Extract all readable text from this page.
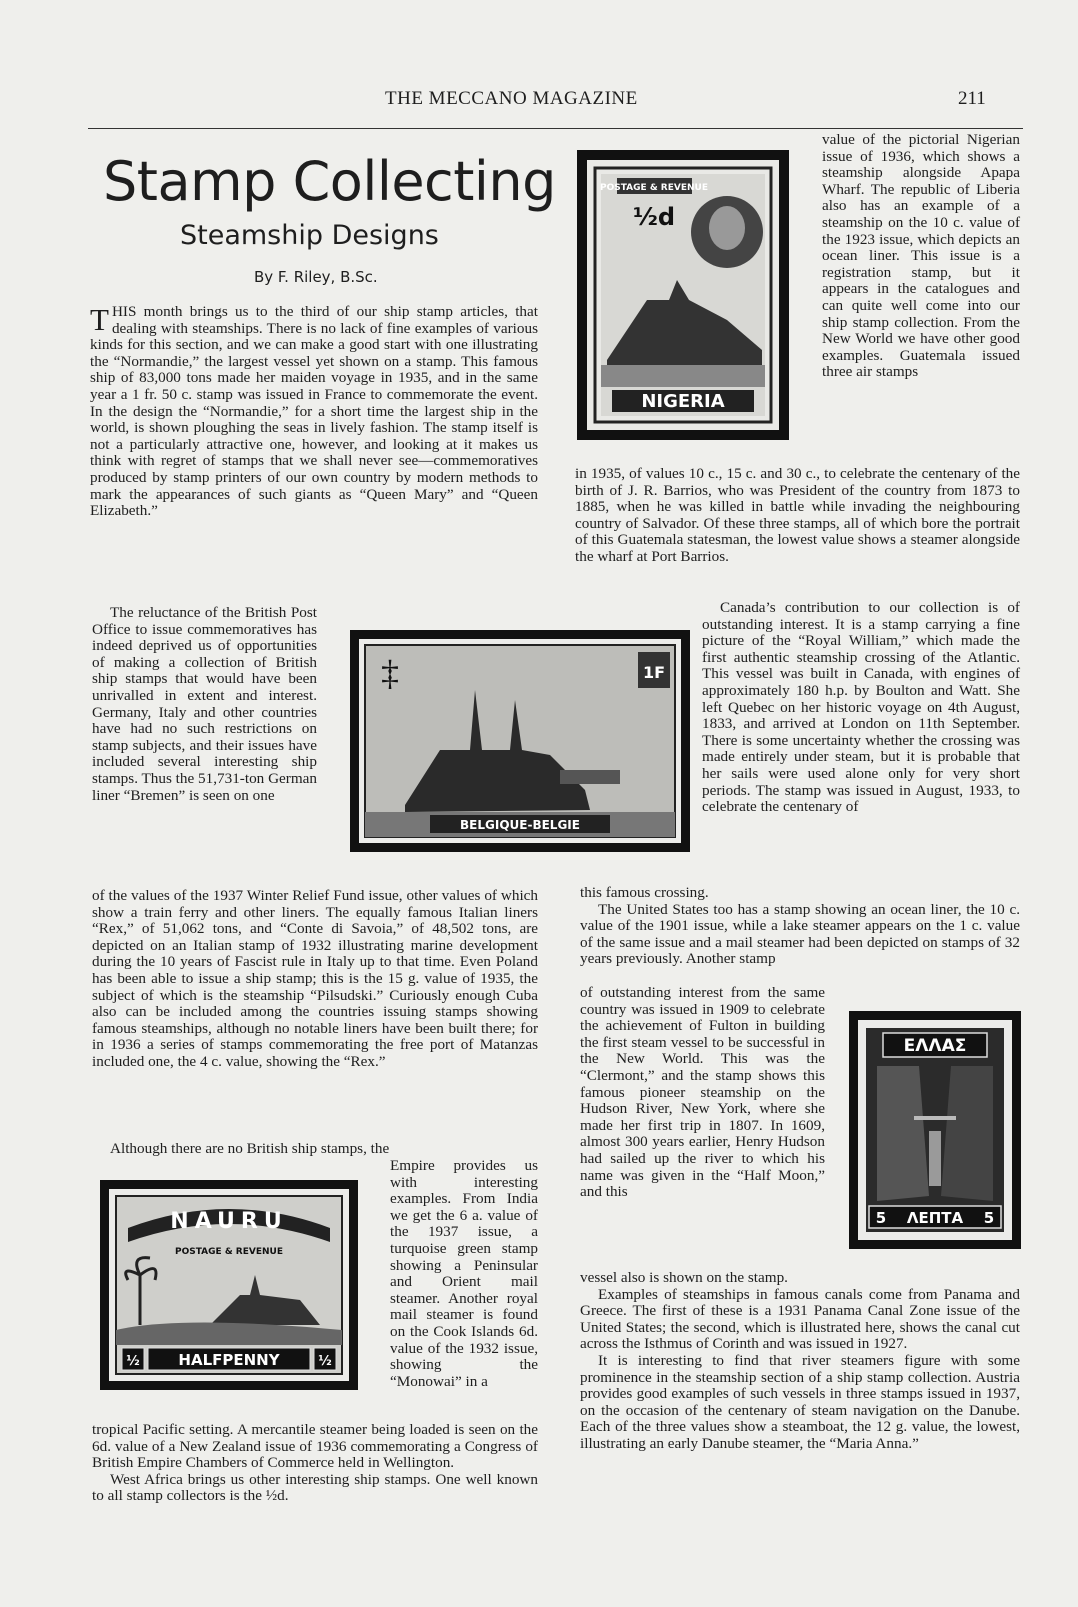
THE MECCANO MAGAZINE	211
Stamp Collecting
Steamship Designs
By F. Riley, B.Sc.
THIS month brings us to the third of our ship stamp articles, that dealing with steamships. There is no lack of fine examples of various kinds for this section, and we can make a good start with one illustrating the “Normandie,” the largest vessel yet shown on a stamp. This famous ship of 83,000 tons made her maiden voyage in 1935, and in the same year a 1 fr. 50 c. stamp was issued in France to commemorate the event. In the design the “Normandie,” for a short time the largest ship in the world, is shown ploughing the seas in lively fashion. The stamp itself is not a particularly attractive one, however, and looking at it makes us think with regret of stamps that we shall never see—commemoratives produced by stamp printers of our own country by modern methods to mark the appearances of such giants as “Queen Mary” and “Queen Elizabeth.”

The reluctance of the British Post Office to issue commemoratives has indeed deprived us of opportunities of making a collection of British ship stamps that would have been unrivalled in extent and interest. Germany, Italy and other countries have had no such restrictions on stamp subjects, and their issues have included several interesting ship stamps. Thus the 51,731-ton German liner “Bremen” is seen on one

of the values of the 1937 Winter Relief Fund issue, other values of which show a train ferry and other liners. The equally famous Italian liners “Rex,” of 51,062 tons, and “Conte di Savoia,” of 48,502 tons, are depicted on an Italian stamp of 1932 illustrating marine development during the 10 years of Fascist rule in Italy up to that time. Even Poland has been able to issue a ship stamp; this is the 15 g. value of 1935, the subject of which is the steamship “Pilsudski.” Curiously enough Cuba also can be included among the countries issuing stamps showing famous steamships, although no notable liners have been built there; for in 1936 a series of stamps commemorating the free port of Matanzas included one, the 4 c. value, showing the “Rex.”

Although there are no British ship stamps, the

Empire provides us with interesting examples. From India we get the 6 a. value of the 1937 issue, a turquoise green stamp showing a Peninsular and Orient mail steamer. Another royal mail steamer is found on the Cook Islands 6d. value of the 1932 issue, showing the “Monowai” in a

tropical Pacific setting. A mercantile steamer being loaded is seen on the 6d. value of a New Zealand issue of 1936 commemorating a Congress of British Empire Chambers of Commerce held in Wellington.

West Africa brings us other interesting ship stamps. One well known to all stamp collectors is the ½d.

value of the pictorial Nigerian issue of 1936, which shows a steamship alongside Apapa Wharf. The republic of Liberia also has an example of a steamship on the 10 c. value of the 1923 issue, which depicts an ocean liner. This issue is a registration stamp, but it appears in the catalogues and can quite well come into our ship stamp collection. From the New World we have other good examples. Guatemala issued three air stamps

in 1935, of values 10 c., 15 c. and 30 c., to celebrate the centenary of the birth of J. R. Barrios, who was President of the country from 1873 to 1885, when he was killed in battle while invading the neighbouring country of Salvador. Of these three stamps, all of which bore the portrait of this Guatemala statesman, the lowest value shows a steamer alongside the wharf at Port Barrios.

Canada’s contribution to our collection is of outstanding interest. It is a stamp carrying a fine picture of the “Royal William,” which made the first authentic steamship crossing of the Atlantic. This vessel was built in Canada, with engines of approximately 180 h.p. by Boulton and Watt. She left Quebec on her historic voyage on 4th August, 1833, and arrived at London on 11th September. There is some uncertainty whether the crossing was made entirely under steam, but it is probable that her sails were used alone only for very short periods. The stamp was issued in August, 1933, to celebrate the centenary of

this famous crossing.

The United States too has a stamp showing an ocean liner, the 10 c. value of the 1901 issue, while a lake steamer appears on the 1 c. value of the same issue and a mail steamer had been depicted on stamps of 32 years previously. Another stamp

of outstanding interest from the same country was issued in 1909 to celebrate the achievement of Fulton in building the first steam vessel to be successful in the New World. This was the “Clermont,” and the stamp shows this famous pioneer steamship on the Hudson River, New York, where she made her first trip in 1807. In 1609, almost 300 years earlier, Henry Hudson had sailed up the river to which his name was given in the “Half Moon,” and this

vessel also is shown on the stamp.

Examples of steamships in famous canals come from Panama and Greece. The first of these is a 1931 Panama Canal Zone issue of the United States; the second, which is illustrated here, shows the canal cut across the Isthmus of Corinth and was issued in 1927.

It is interesting to find that river steamers figure with some prominence in the steamship section of a ship stamp collection. Austria provides good examples of such vessels in three stamps issued in 1937, on the occasion of the centenary of steam navigation on the Danube. Each of the three values show a steamboat, the 12 g. value, the lowest, illustrating an early Danube steamer, the “Maria Anna.”

POSTAGE & REVENUE
½d
NIGERIA
‡	1F
BELGIQUE-BELGIE
ΕΛΛΑΣ
5 ΛΕΠΤΑ 5
NAURU
POSTAGE & REVENUE
½	HALFPENNY	½
